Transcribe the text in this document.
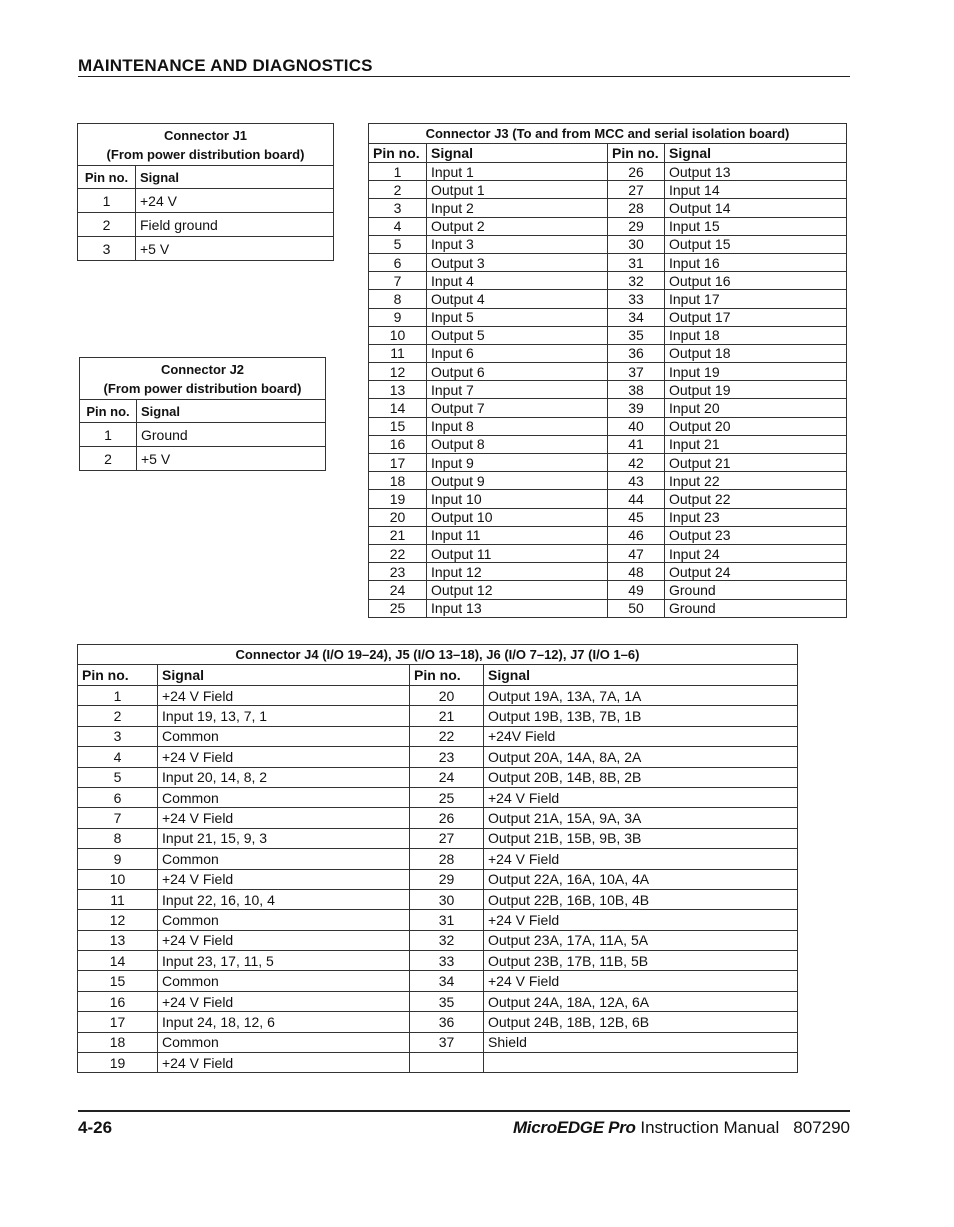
MAINTENANCE AND DIAGNOSTICS
Connector J1
(From power distribution board)	
Pin no.	Signal
1	+24 V
2	Field ground
3	+5 V
Connector J2
(From power distribution board)	
Pin no.	Signal
1	Ground
2	+5 V
Connector J3 (To and from MCC and serial isolation board)			
Pin no.	Signal	Pin no.	Signal
1	Input 1	26	Output 13
2	Output 1	27	Input 14
3	Input 2	28	Output 14
4	Output 2	29	Input 15
5	Input 3	30	Output 15
6	Output 3	31	Input 16
7	Input 4	32	Output 16
8	Output 4	33	Input 17
9	Input 5	34	Output 17
10	Output 5	35	Input 18
11	Input 6	36	Output 18
12	Output 6	37	Input 19
13	Input 7	38	Output 19
14	Output 7	39	Input 20
15	Input 8	40	Output 20
16	Output 8	41	Input 21
17	Input 9	42	Output 21
18	Output 9	43	Input 22
19	Input 10	44	Output 22
20	Output 10	45	Input 23
21	Input 11	46	Output 23
22	Output 11	47	Input 24
23	Input 12	48	Output 24
24	Output 12	49	Ground
25	Input 13	50	Ground
Connector J4 (I/O 19–24), J5 (I/O 13–18), J6 (I/O 7–12), J7 (I/O 1–6)			
Pin no.	Signal	Pin no.	Signal
1	+24 V Field	20	Output 19A, 13A, 7A, 1A
2	Input 19, 13, 7, 1	21	Output 19B, 13B, 7B, 1B
3	Common	22	+24V Field
4	+24 V Field	23	Output 20A, 14A, 8A, 2A
5	Input 20, 14, 8, 2	24	Output 20B, 14B, 8B, 2B
6	Common	25	+24 V Field
7	+24 V Field	26	Output 21A, 15A, 9A, 3A
8	Input 21, 15, 9, 3	27	Output 21B, 15B, 9B, 3B
9	Common	28	+24 V Field
10	+24 V Field	29	Output 22A, 16A, 10A, 4A
11	Input 22, 16, 10, 4	30	Output 22B, 16B, 10B, 4B
12	Common	31	+24 V Field
13	+24 V Field	32	Output 23A, 17A, 11A, 5A
14	Input 23, 17, 11, 5	33	Output 23B, 17B, 11B, 5B
15	Common	34	+24 V Field
16	+24 V Field	35	Output 24A, 18A, 12A, 6A
17	Input 24, 18, 12, 6	36	Output 24B, 18B, 12B, 6B
18	Common	37	Shield
19	+24 V Field		
4-26	MicroEDGE Pro Instruction Manual 807290
